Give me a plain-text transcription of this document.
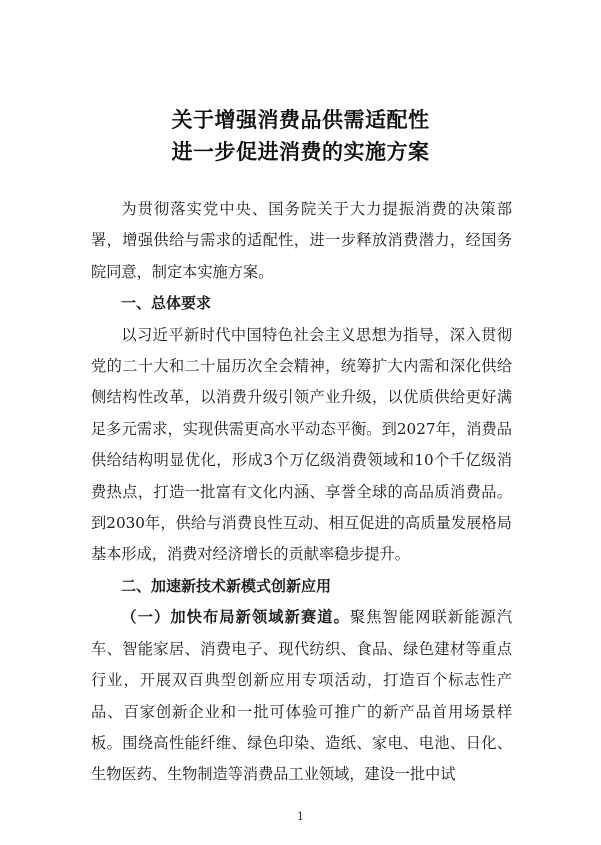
关于增强消费品供需适配性
进一步促进消费的实施方案

为贯彻落实党中央、国务院关于大力提振消费的决策部署，增强供给与需求的适配性，进一步释放消费潜力，经国务院同意，制定本实施方案。

一、总体要求

以习近平新时代中国特色社会主义思想为指导，深入贯彻党的二十大和二十届历次全会精神，统筹扩大内需和深化供给侧结构性改革，以消费升级引领产业升级，以优质供给更好满足多元需求，实现供需更高水平动态平衡。到2027年，消费品供给结构明显优化，形成3个万亿级消费领域和10个千亿级消费热点，打造一批富有文化内涵、享誉全球的高品质消费品。到2030年，供给与消费良性互动、相互促进的高质量发展格局基本形成，消费对经济增长的贡献率稳步提升。

二、加速新技术新模式创新应用

（一）加快布局新领域新赛道。聚焦智能网联新能源汽车、智能家居、消费电子、现代纺织、食品、绿色建材等重点行业，开展双百典型创新应用专项活动，打造百个标志性产品、百家创新企业和一批可体验可推广的新产品首用场景样板。围绕高性能纤维、绿色印染、造纸、家电、电池、日化、生物医药、生物制造等消费品工业领域，建设一批中试

1
